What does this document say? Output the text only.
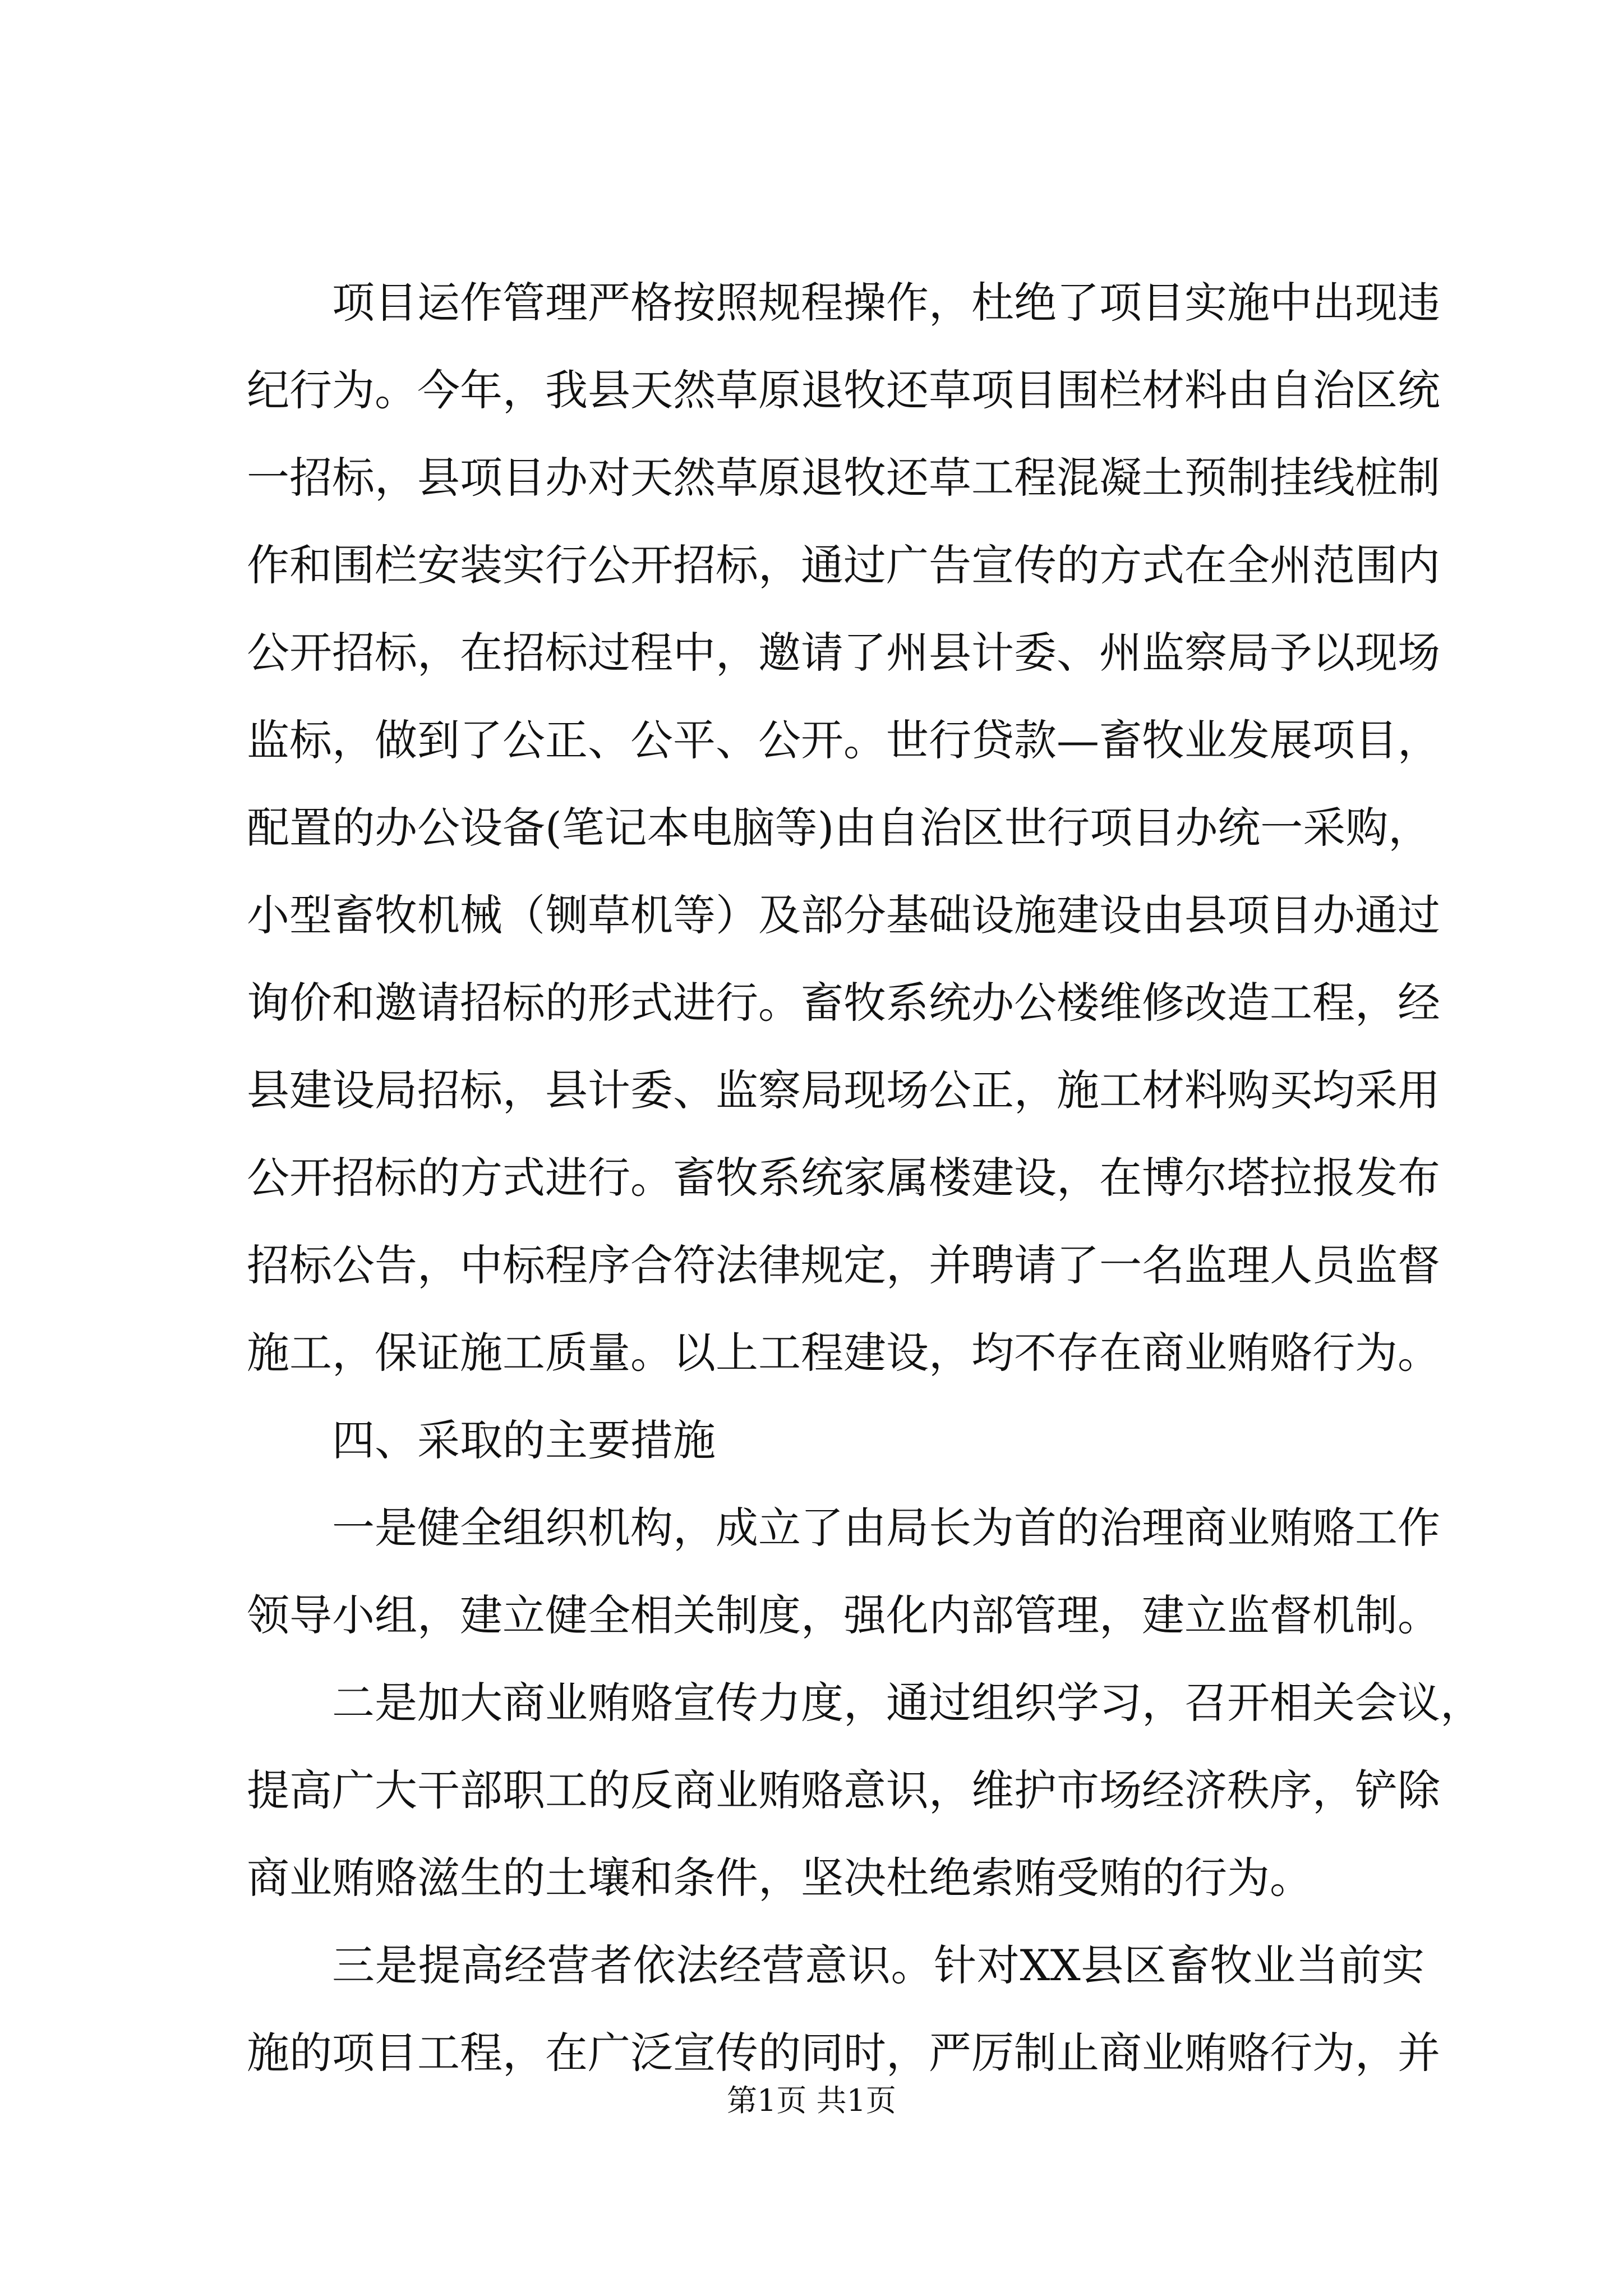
项目运作管理严格按照规程操作，杜绝了项目实施中出现违
纪行为。今年，我县天然草原退牧还草项目围栏材料由自治区统
一招标，县项目办对天然草原退牧还草工程混凝土预制挂线桩制
作和围栏安装实行公开招标，通过广告宣传的方式在全州范围内
公开招标，在招标过程中，邀请了州县计委、州监察局予以现场
监标，做到了公正、公平、公开。世行贷款—畜牧业发展项目，
配置的办公设备(笔记本电脑等)由自治区世行项目办统一采购，
小型畜牧机械（铡草机等）及部分基础设施建设由县项目办通过
询价和邀请招标的形式进行。畜牧系统办公楼维修改造工程，经
县建设局招标，县计委、监察局现场公正，施工材料购买均采用
公开招标的方式进行。畜牧系统家属楼建设，在博尔塔拉报发布
招标公告，中标程序合符法律规定，并聘请了一名监理人员监督
施工，保证施工质量。以上工程建设，均不存在商业贿赂行为。
四、采取的主要措施
一是健全组织机构，成立了由局长为首的治理商业贿赂工作
领导小组，建立健全相关制度，强化内部管理，建立监督机制。
二是加大商业贿赂宣传力度，通过组织学习，召开相关会议，
提高广大干部职工的反商业贿赂意识，维护市场经济秩序，铲除
商业贿赂滋生的土壤和条件，坚决杜绝索贿受贿的行为。
三是提高经营者依法经营意识。针对XX县区畜牧业当前实
施的项目工程，在广泛宣传的同时，严厉制止商业贿赂行为，并
第1页 共1页
